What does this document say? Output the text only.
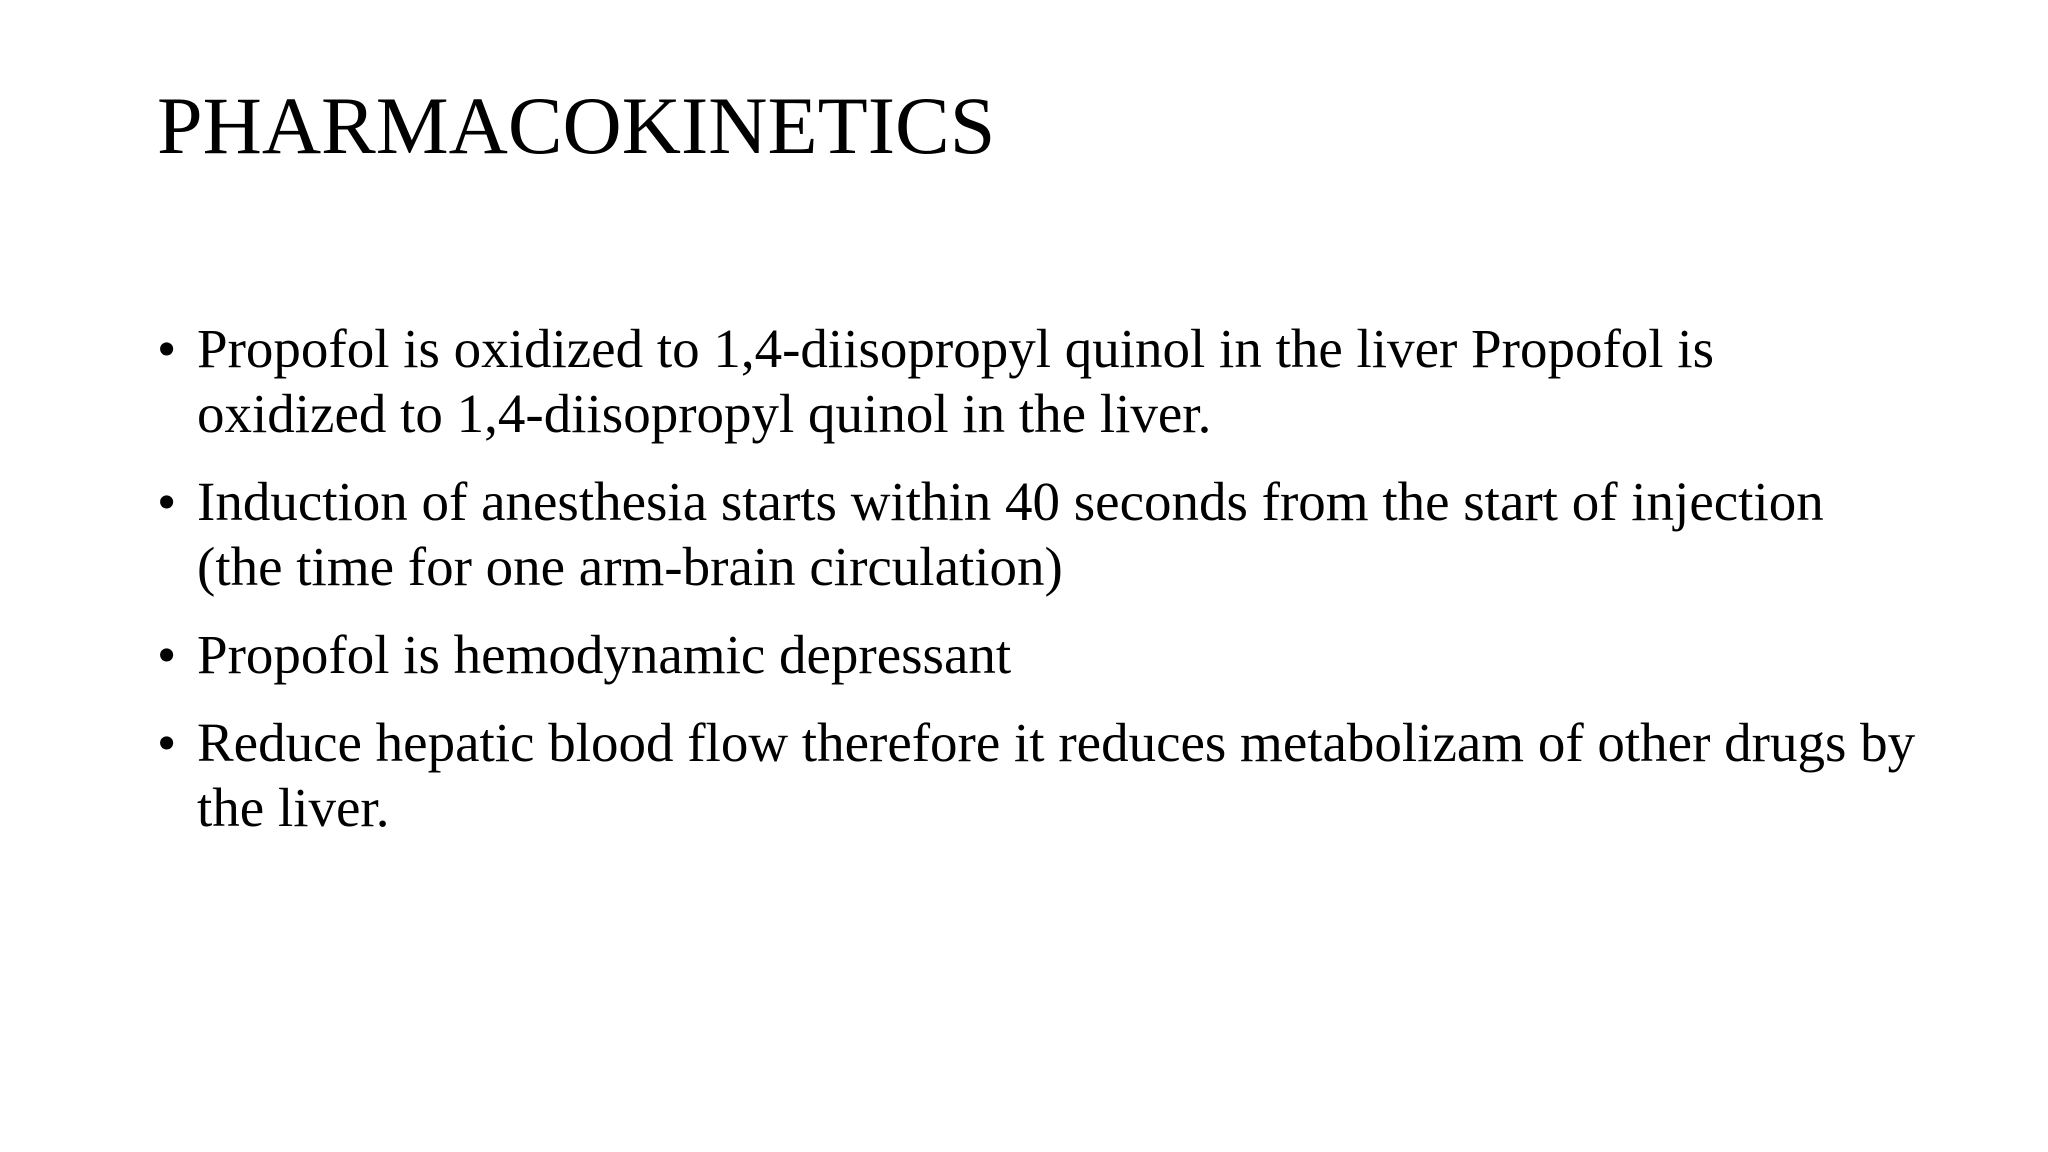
PHARMACOKINETICS
• Propofol is oxidized to 1,4-diisopropyl quinol in the liver Propofol is oxidized to 1,4-diisopropyl quinol in the liver.
• Induction of anesthesia starts within 40 seconds from the start of injection (the time for one arm-brain circulation)
• Propofol is hemodynamic depressant
• Reduce hepatic blood flow therefore it reduces metabolizam of other drugs by the liver.
